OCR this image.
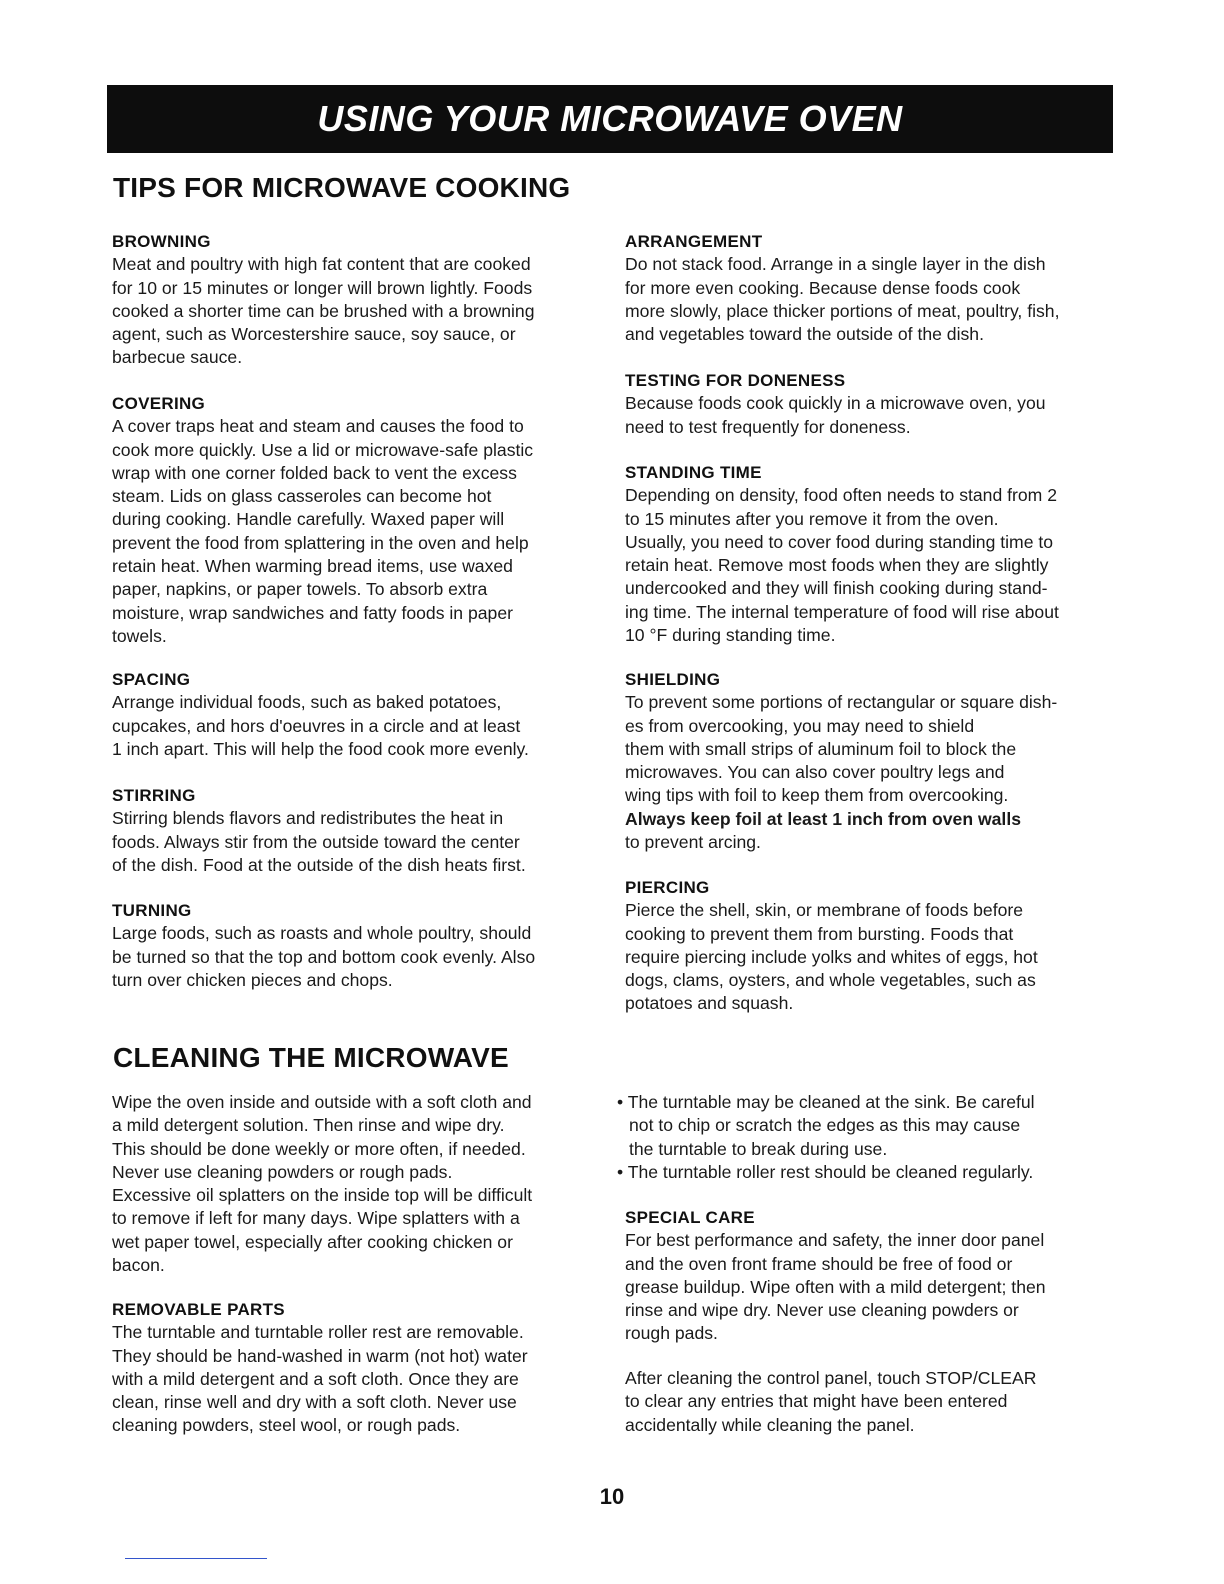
USING YOUR MICROWAVE OVEN
TIPS FOR MICROWAVE COOKING

BROWNING

Meat and poultry with high fat content that are cooked
for 10 or 15 minutes or longer will brown lightly. Foods
cooked a shorter time can be brushed with a browning
agent, such as Worcestershire sauce, soy sauce, or
barbecue sauce.

COVERING

A cover traps heat and steam and causes the food to
cook more quickly. Use a lid or microwave-safe plastic
wrap with one corner folded back to vent the excess
steam. Lids on glass casseroles can become hot
during cooking. Handle carefully. Waxed paper will
prevent the food from splattering in the oven and help
retain heat. When warming bread items, use waxed
paper, napkins, or paper towels. To absorb extra
moisture, wrap sandwiches and fatty foods in paper
towels.

SPACING

Arrange individual foods, such as baked potatoes,
cupcakes, and hors d'oeuvres in a circle and at least
1 inch apart. This will help the food cook more evenly.

STIRRING

Stirring blends flavors and redistributes the heat in
foods. Always stir from the outside toward the center
of the dish. Food at the outside of the dish heats first.

TURNING

Large foods, such as roasts and whole poultry, should
be turned so that the top and bottom cook evenly. Also
turn over chicken pieces and chops.

ARRANGEMENT

Do not stack food. Arrange in a single layer in the dish
for more even cooking. Because dense foods cook
more slowly, place thicker portions of meat, poultry, fish,
and vegetables toward the outside of the dish.

TESTING FOR DONENESS

Because foods cook quickly in a microwave oven, you
need to test frequently for doneness.

STANDING TIME

Depending on density, food often needs to stand from 2
to 15 minutes after you remove it from the oven.
Usually, you need to cover food during standing time to
retain heat. Remove most foods when they are slightly
undercooked and they will finish cooking during stand-
ing time. The internal temperature of food will rise about
10 °F during standing time.

SHIELDING

To prevent some portions of rectangular or square dish-
es from overcooking, you may need to shield
them with small strips of aluminum foil to block the
microwaves. You can also cover poultry legs and
wing tips with foil to keep them from overcooking.

Always keep foil at least 1 inch from oven walls

to prevent arcing.

PIERCING

Pierce the shell, skin, or membrane of foods before
cooking to prevent them from bursting. Foods that
require piercing include yolks and whites of eggs, hot
dogs, clams, oysters, and whole vegetables, such as
potatoes and squash.

CLEANING THE MICROWAVE

Wipe the oven inside and outside with a soft cloth and
a mild detergent solution. Then rinse and wipe dry.
This should be done weekly or more often, if needed.
Never use cleaning powders or rough pads.
Excessive oil splatters on the inside top will be difficult
to remove if left for many days. Wipe splatters with a
wet paper towel, especially after cooking chicken or
bacon.

REMOVABLE PARTS

The turntable and turntable roller rest are removable.
They should be hand-washed in warm (not hot) water
with a mild detergent and a soft cloth. Once they are
clean, rinse well and dry with a soft cloth. Never use
cleaning powders, steel wool, or rough pads.

• The turntable may be cleaned at the sink. Be careful
not to chip or scratch the edges as this may cause
the turntable to break during use.

• The turntable roller rest should be cleaned regularly.

SPECIAL CARE

For best performance and safety, the inner door panel
and the oven front frame should be free of food or
grease buildup. Wipe often with a mild detergent; then
rinse and wipe dry. Never use cleaning powders or
rough pads.

After cleaning the control panel, touch STOP/CLEAR
to clear any entries that might have been entered
accidentally while cleaning the panel.

10
